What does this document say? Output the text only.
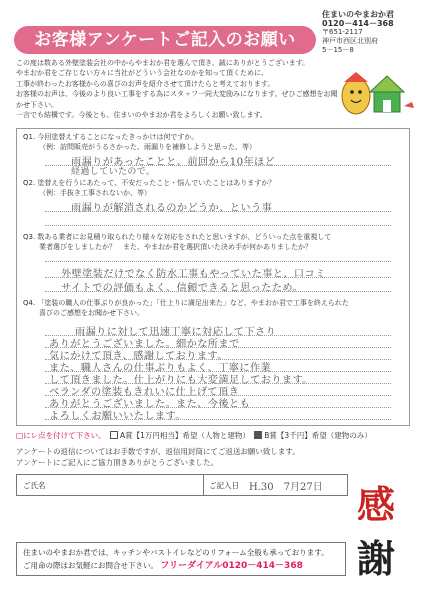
お客様アンケートご記入のお願い
住まいのやまおか君
0120－414－368
〒651-2117
神戸市西区北別府
5－15－8
この度は数ある外壁塗装会社の中からやまおか君を選んで頂き、誠にありがとうございます。
やまおか君をご存じない方々に当社がどういう会社なのかを知って頂くために、
工事が終わったお客様からの喜びのお声を紹介させて頂けたらと考えております。
お客様のお声は、今後のより良い工事をする為にスタッフ一同大変励みになります。ぜひご感想をお聞かせ下さい。
一言でも結構です。今後とも、住まいのやまおか君をよろしくお願い致します。
Q1. 今回塗替えすることになったきっかけは何ですか。
（例：訪問販売がうるさかった、雨漏りを補修しようと思った、等）
雨漏りがあったことと、前回から10年ほど
経過していたので。
Q2. 塗替えを行うにあたって、不安だったこと・悩んでいたことはありますか？
（例：手抜き工事されないか、等）
雨漏りが解消されるのかどうか、という事
Q3. 数ある業者にお見積り取られたり様々な対応をされたと思いますが、どういった点を重視して
業者選びをしましたか？　また、やまおか君を選択頂いた決め手が何かありましたか？
外壁塗装だけでなく防水工事もやっていた事と、口コミ
サイトでの評価もよく、信頼できると思ったため。
Q4. 「塗装の職人の仕事ぶりが良かった」「仕上りに満足出来た」など、やまおか君で工事を終えられた
喜びのご感想をお聞かせ下さい。
雨漏りに対して迅速丁寧に対応して下さり
ありがとうございました。細かな所まで
気にかけて頂き、感謝しております。
また、職人さんの仕事ぶりもよく、丁寧に作業
して頂きました。仕上がりにも大変満足しております。
ベランダの塗装もきれいに仕上げて頂き
ありがとうございました。また、今後とも
よろしくお願いいたします。
□にレ点を付けて下さい。 A賞【1万円相当】希望（人物と建物） B賞【3千円】希望（建物のみ）
アンケートの返信についてはお手数ですが、返信用封筒にてご返送お願い致します。
アンケートにご記入にご協力頂きありがとうございました。
ご氏名	ご記入日 H.30　7月27日 感
謝
住まいのやまおか君では、キッチンやバストイレなどのリフォーム全般も承っております。
ご用命の際はお気軽にお問合せ下さい。 フリーダイアル0120－414－368
